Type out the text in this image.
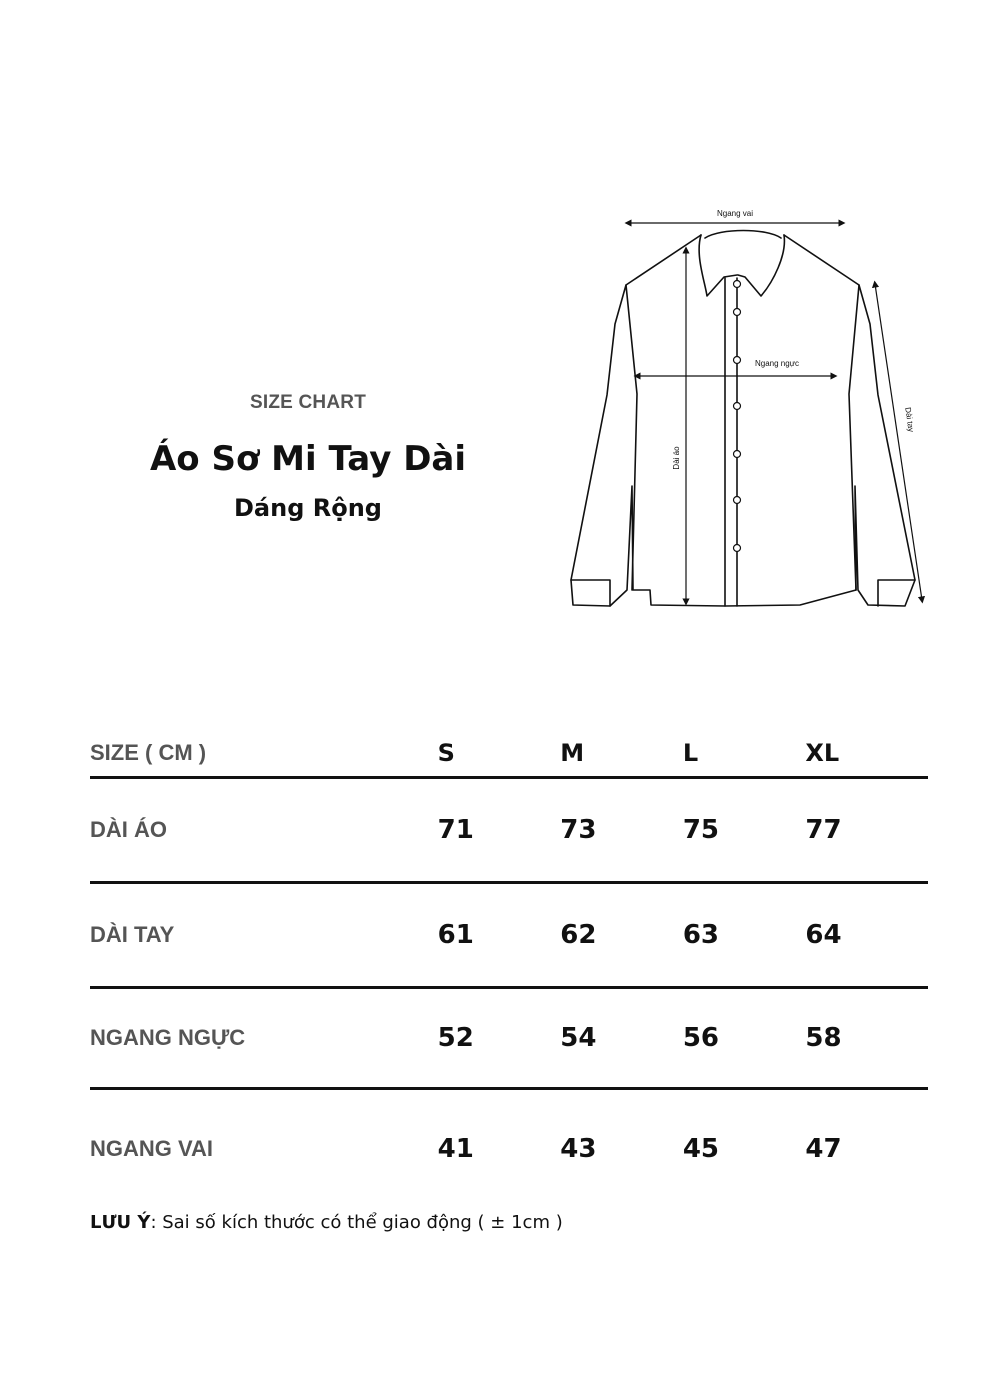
SIZE CHART
Áo Sơ Mi Tay Dài
Dáng Rộng
Ngang vai
Ngang ngực
Dài áo
Dài tay
SIZE ( CM )	S	M	L	XL
DÀI ÁO	71	73	75	77
DÀI TAY	61	62	63	64
NGANG NGỰC	52	54	56	58
NGANG VAI	41	43	45	47
LƯU Ý: Sai số kích thước có thể giao động ( ± 1cm )
